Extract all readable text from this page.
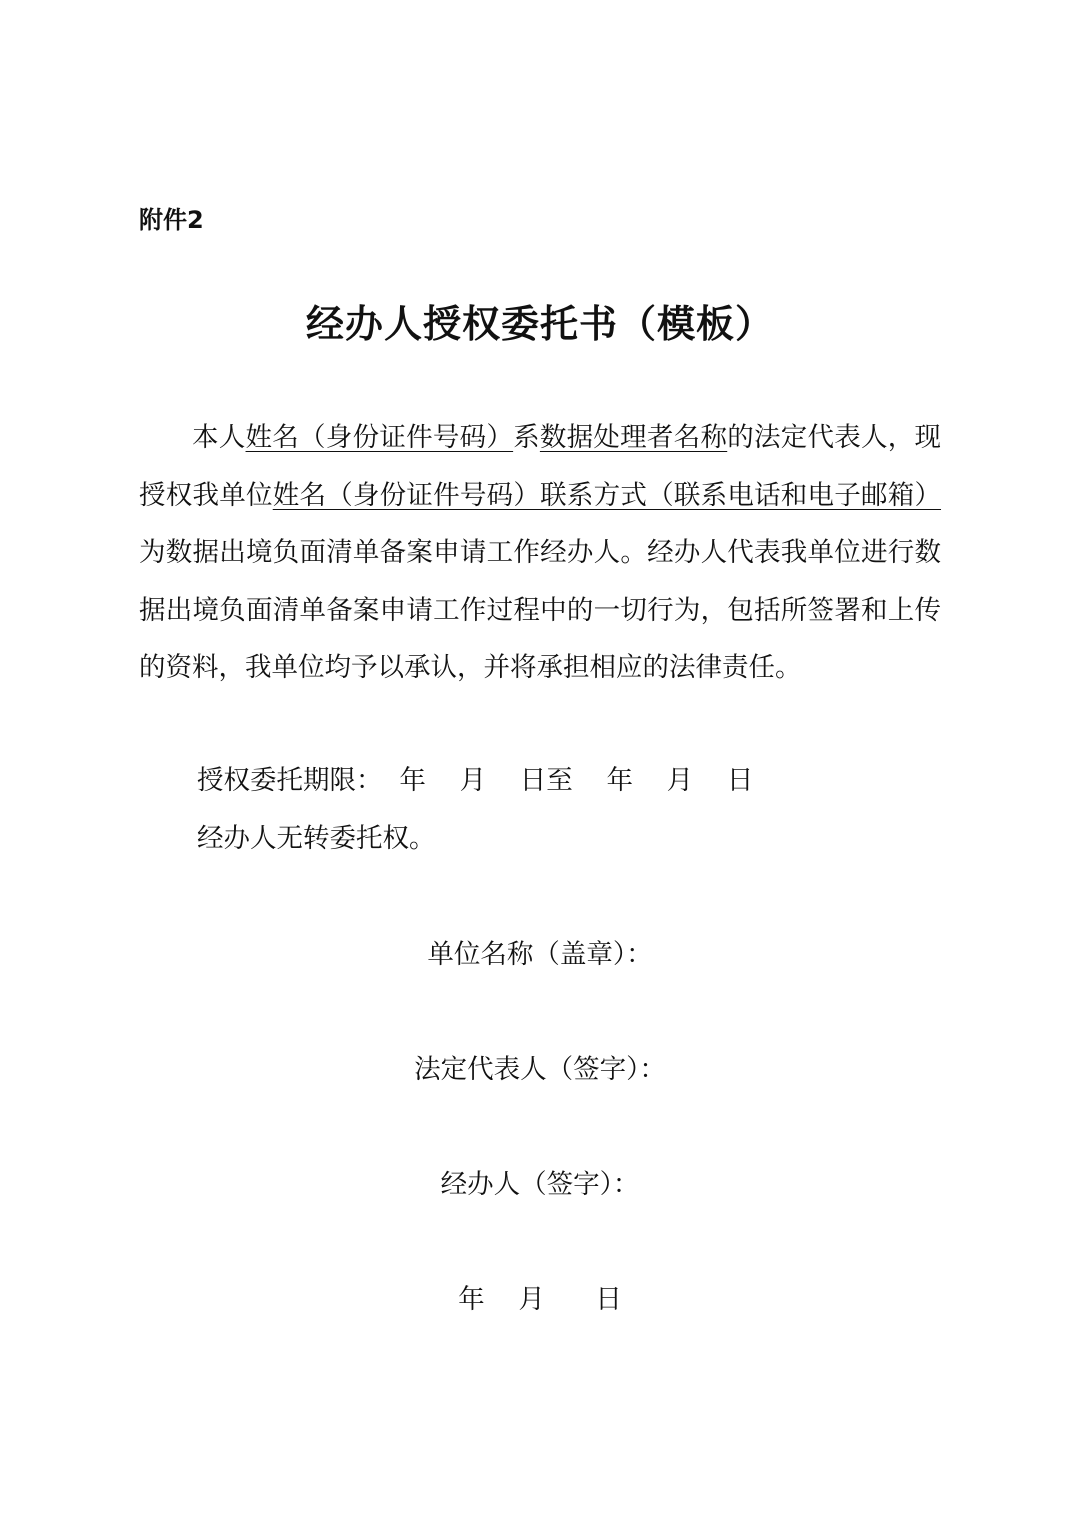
附件2
经办人授权委托书（模板）

本人姓名（身份证件号码）系数据处理者名称的法定代表人，现授权我单位姓名（身份证件号码）联系方式（联系电话和电子邮箱）为数据出境负面清单备案申请工作经办人。经办人代表我单位进行数据出境负面清单备案申请工作过程中的一切行为，包括所签署和上传的资料，我单位均予以承认，并将承担相应的法律责任。

授权委托期限： 年 月 日至 年 月 日
经办人无转委托权。
单位名称（盖章）：
法定代表人（签字）：
经办人（签字）：
年 月 日
